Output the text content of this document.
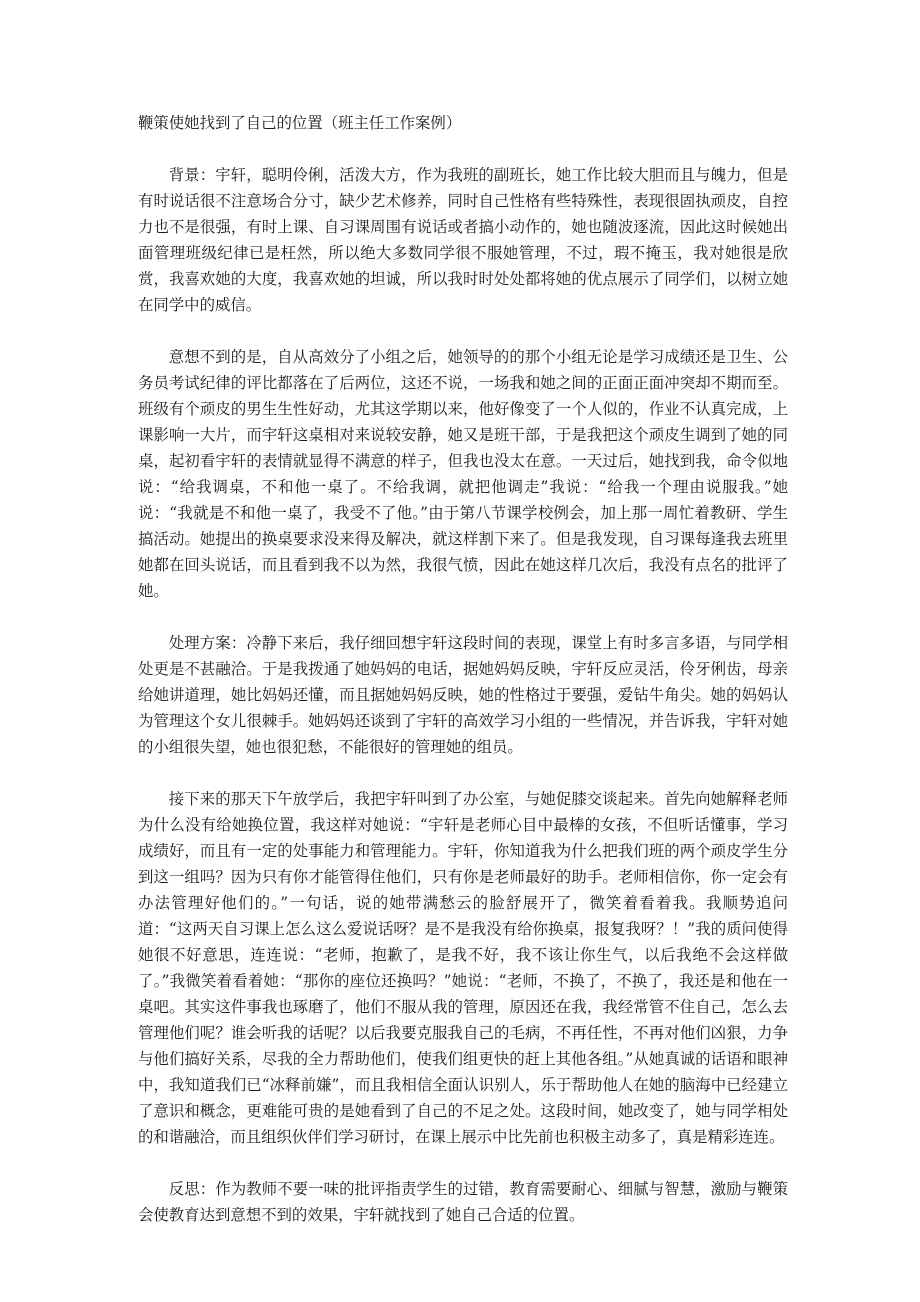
鞭策使她找到了自己的位置（班主任工作案例）

背景：宇轩，聪明伶俐，活泼大方，作为我班的副班长，她工作比较大胆而且与魄力，但是有时说话很不注意场合分寸，缺少艺术修养，同时自己性格有些特殊性，表现很固执顽皮，自控力也不是很强，有时上课、自习课周围有说话或者搞小动作的，她也随波逐流，因此这时候她出面管理班级纪律已是枉然，所以绝大多数同学很不服她管理，不过，瑕不掩玉，我对她很是欣赏，我喜欢她的大度，我喜欢她的坦诚，所以我时时处处都将她的优点展示了同学们，以树立她在同学中的威信。

意想不到的是，自从高效分了小组之后，她领导的的那个小组无论是学习成绩还是卫生、公务员考试纪律的评比都落在了后两位，这还不说，一场我和她之间的正面正面冲突却不期而至。班级有个顽皮的男生生性好动，尤其这学期以来，他好像变了一个人似的，作业不认真完成，上课影响一大片，而宇轩这桌相对来说较安静，她又是班干部，于是我把这个顽皮生调到了她的同桌，起初看宇轩的表情就显得不满意的样子，但我也没太在意。一天过后，她找到我，命令似地说：“给我调桌，不和他一桌了。不给我调，就把他调走”我说：“给我一个理由说服我。”她说：“我就是不和他一桌了，我受不了他。”由于第八节课学校例会，加上那一周忙着教研、学生搞活动。她提出的换桌要求没来得及解决，就这样割下来了。但是我发现，自习课每逢我去班里她都在回头说话，而且看到我不以为然，我很气愤，因此在她这样几次后，我没有点名的批评了她。

处理方案：冷静下来后，我仔细回想宇轩这段时间的表现，课堂上有时多言多语，与同学相处更是不甚融洽。于是我拨通了她妈妈的电话，据她妈妈反映，宇轩反应灵活，伶牙俐齿，母亲给她讲道理，她比妈妈还懂，而且据她妈妈反映，她的性格过于要强，爱钻牛角尖。她的妈妈认为管理这个女儿很棘手。她妈妈还谈到了宇轩的高效学习小组的一些情况，并告诉我，宇轩对她的小组很失望，她也很犯愁，不能很好的管理她的组员。

接下来的那天下午放学后，我把宇轩叫到了办公室，与她促膝交谈起来。首先向她解释老师为什么没有给她换位置，我这样对她说：“宇轩是老师心目中最棒的女孩，不但听话懂事，学习成绩好，而且有一定的处事能力和管理能力。宇轩，你知道我为什么把我们班的两个顽皮学生分到这一组吗？因为只有你才能管得住他们，只有你是老师最好的助手。老师相信你，你一定会有办法管理好他们的。”一句话，说的她带满愁云的脸舒展开了，微笑着看着我。我顺势追问道：“这两天自习课上怎么这么爱说话呀？是不是我没有给你换桌，报复我呀？！”我的质问使得她很不好意思，连连说：“老师，抱歉了，是我不好，我不该让你生气，以后我绝不会这样做了。”我微笑着看着她：“那你的座位还换吗？”她说：“老师，不换了，不换了，我还是和他在一桌吧。其实这件事我也琢磨了，他们不服从我的管理，原因还在我，我经常管不住自己，怎么去管理他们呢？谁会听我的话呢？以后我要克服我自己的毛病，不再任性，不再对他们凶狠，力争与他们搞好关系，尽我的全力帮助他们，使我们组更快的赶上其他各组。”从她真诚的话语和眼神中，我知道我们已“冰释前嫌”，而且我相信全面认识别人，乐于帮助他人在她的脑海中已经建立了意识和概念，更难能可贵的是她看到了自己的不足之处。这段时间，她改变了，她与同学相处的和谐融洽，而且组织伙伴们学习研讨，在课上展示中比先前也积极主动多了，真是精彩连连。

反思：作为教师不要一味的批评指责学生的过错，教育需要耐心、细腻与智慧，激励与鞭策会使教育达到意想不到的效果，宇轩就找到了她自己合适的位置。
